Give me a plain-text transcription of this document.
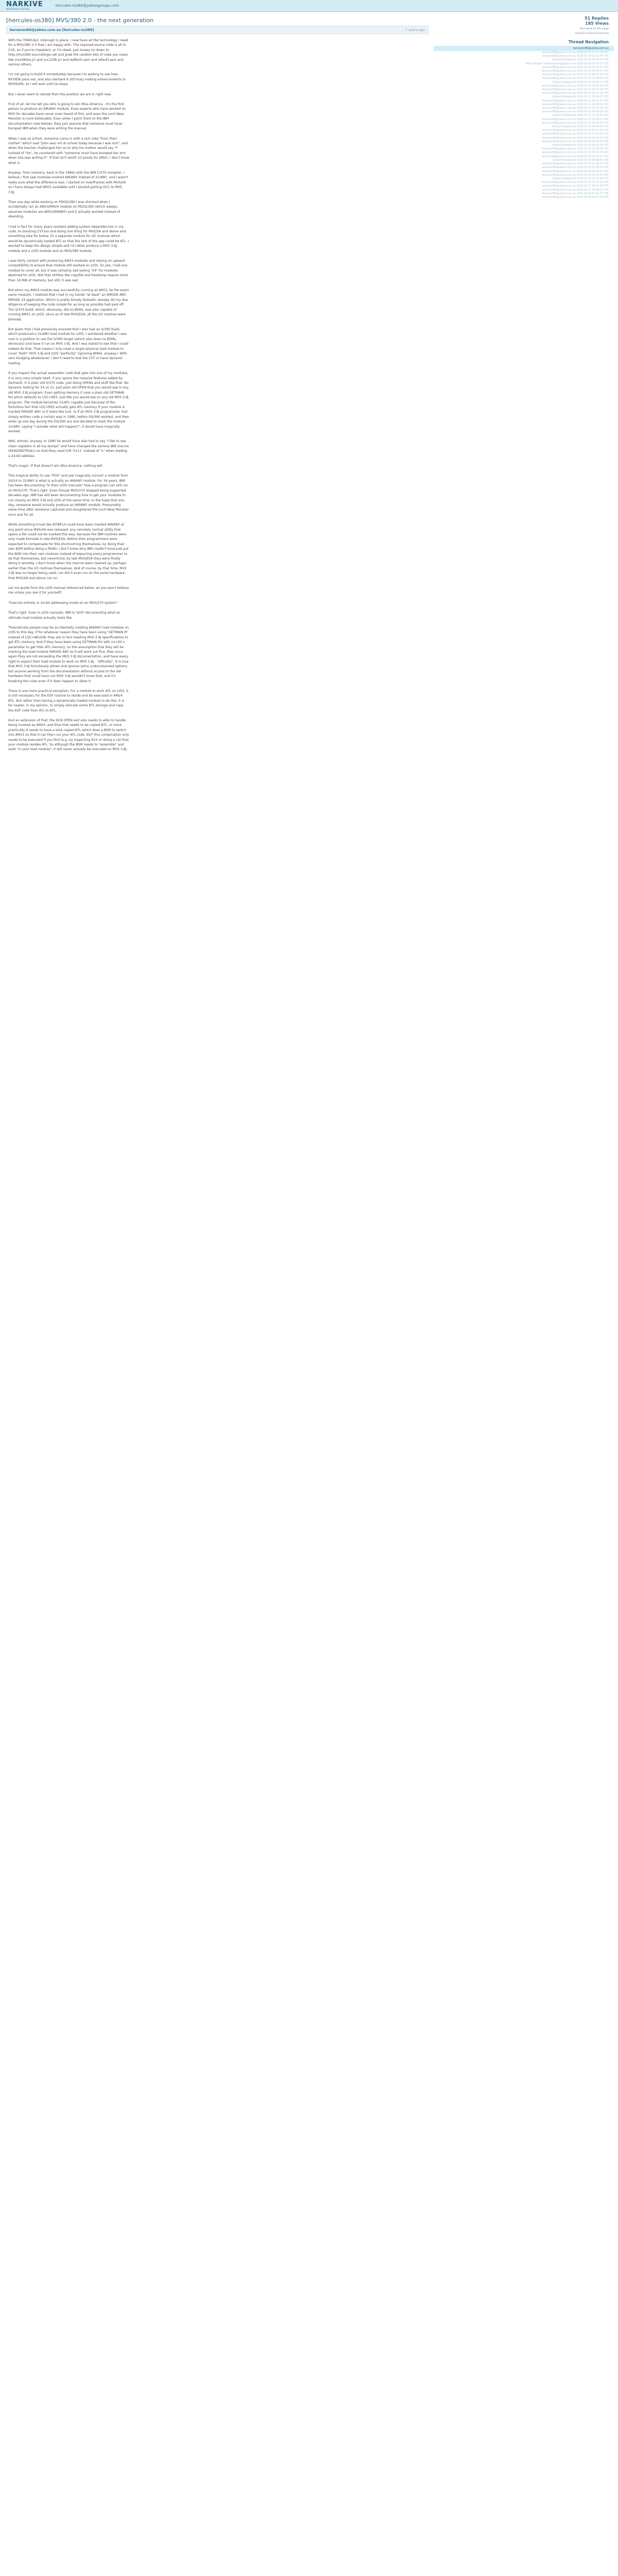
NARKIVE
NEWSGROUP ARCHIVE
hercules-os380@yahoogroups.com
[hercules-os380] MVS/380 2.0 - the next generation
kerravon86@yahoo.com.au [hercules-os380]	7 years ago

With the TIRKICALC intercept in place, I now have all the technology I need for a MVS/380 2.0 that I am happy with. The required source code is all in CVS, so if you're impatient, or I'm dead, just mosey on down to http://mvs380.sourceforge.net and grab the random bits of code you need, like mvs380os.jcl and svc120b.jcl and ieafkmh.asm and iefachl.asm and various others.

I'm not going to build it immediately because I'm waiting to see how REVIEW pans out, and also Gerhard is still busy making enhancements to MVSSUPA, so I will wait until he stops.

But I never want to retreat from the position we are in right now.

First of all, let me tell you who is going to win Miss America - it's the first person to produce an AM/ANY module. Even experts who have worked on MVS for decades have never even heard of this, and even the Loch Ness Monster is more believable. Even when I point them to the IBM documentation (see below), they just assume that someone must have bumped IBM when they were writing the manual.

When I was at school, someone came in with a sick note "from their mother" which said "John was not at school today because I was sick", and when the teacher challenged him as to why his mother would say "I" instead of "he", he countered with "someone must have bumped her arm when she was writing it". If that isn't worth 10 points for effort, I don't know what is.

Anyway, from memory, back in the 1980s with the IBM C/370 compiler, I believe I first saw modules marked AM/ANY instead of 31/ANY, and I wasn't really sure what the difference was. I started on mainframes with MVS/XA so I have always had AM31 available until I started porting GCC to MVS 3.8j.

Then one day while working on PDOS/390 I was shocked when I accidentally ran an AM24/RM24 module on PDOS/390 (which always assumes modules are AM31/RMANY) and it actually worked instead of abending.

I had in fact for many years resisted adding system dependencies in my code, ie checking CVTxxx and doing one thing for MVS/XA and above and something else for below. Or a separate module for I/O routines which would be dynamically loaded BTL so that the rest of the app could be ATL. I wanted to keep the design simple and I'd rather produce a MVS 3.8j module and a z/OS module and an MVS/380 module.

I was fairly content with producing AM24 modules and relying on upward compatibility to ensure that module still worked on z/OS. So yes, I had one module to cover all, but it was certainly sad seeing "24" for modules destined for z/OS. Not that utilities like copyfile and hexdump require more than 16 MiB of memory, but still, it was sad.

But when my AM24 module was successfully running as AM31 (ie the exact same module), I realized that I had in my hands "at least" an AMODE ANY, RMODE 24 application. Which is pretty bloody fantastic already. All my due diligence of keeping the code simple for as long as possible had paid off. The S/370 build, which, obviously, did no BSMs, was also capable of running AM31 on z/OS, since as of late MVS/ESA, all the I/O routines were bimodal.

But given that I had previously ensured that I also had an S/390 build, which produced a 31/ANY load module for z/OS, I wondered whether I was now in a position to use the S/390 target (which also does no BSMs, obviously) and have it run on MVS 3.8j. And I was elated to see that I could indeed do that. That means I only need a single physical load module to cover "both" MVS 3.8j and z/OS "perfectly" (ignoring AM64, anyway). With zero kludging whatsoever. I don't need to test the CVT or have dynamic loading.

If you inspect the actual assembler code that gets into one of my modules, it is very very simple (well, if you ignore the massive features added by Gerhard). It is plain old S/370 code. Just doing OPENs and stuff like that. No dynamic testing for 24 vs 31. Just plain old OPEN that you would see in any old MVS 3.8j program. Even getting memory it uses a plain old GETMAIN RU which defaults to LOC=RES. Just like you would see on any old MVS 3.8j program. The module becomes 31/ATL capable just because of the fortuitous fact that LOC=RES actually gets ATL memory if your module is marked RMODE ANY. ie it looks like luck. ie if an MVS 3.8j programmer had simply written code a certain way in 1980, before OS/390 existed, and then woke up one day during the OS/390 era and decided to mark the module 31/ANY, saying "I wonder what will happen?", it would have magically worked.

Well, almost, anyway. In 1980 he would have also had to say "I like to see clean registers in all my dumps" and have changed the various IBM macros (READ/NOTE/etc) so that they used ICM '0111' instead of "L" when loading a 24-bit address.

That's magic. If that doesn't win Miss America, nothing will.

This magical ability to use "POS" and just magically convert a module from 24/24 to 31/ANY is what is actually an AM/ANY module. For 34 years, IBM has been documenting "in their z/OS manuals" how a program can still run on MVS/370. That's right. Even though MVS/370 stopped being supported decades ago, IBM has still been documenting how to get your modules to run cleanly on MVS 3.8j and z/OS at the same time. In the hope that one day, someone would actually produce an AM/ANY module. Presumably some time after someone captured and slaughtered the Loch Ness Monster once and for all.

While something trivial like IEFBR14 could have been marked AM/ANY at any point since MVS/XA was released, any remotely normal utility that opens a file could not be marked this way, because the IBM routines were only made bimodal in late MVS/ESA. Before then programmers were expected to compensate for this shortcoming themselves, by doing their own BSM before doing a READ. I don't know why IBM couldn't have just put the BSM into their own routines instead of expecting every programmer to do that themselves, but nevermind, by late MVS/ESA they were finally doing it sensibly. I don't know when the macros were cleaned up, perhaps earlier than the I/O routines themselves. And of course, by that time, MVS 3.8j was no longer being used, nor did it even run on the same hardware that MVS/XA and above ran on.

Let me quote from the z/OS manual referenced below, as you won't believe me unless you see it for yourself!

"Execute entirely in 24-bit addressing mode on an MVS/370 system"

That's right. Even in z/OS manuals, IBM is *still* documenting what an ultimate load module actually looks like.

Theoretically people may be accidentally creating AM/ANY load modules on z/OS to this day, if for whatever reason they have been using "GETMAIN R" instead of LOC=BELOW; they are in fact meeting MVS 3.8j specifications to get BTL memory. And if they have been using GETMAIN RU with no LOC= parameter to get their ATL memory, on the assumption that they will be marking the load module RMODE ANY so it will work out fine, then once again they are not exceeding the MVS 3.8j documentation, and have every right to expect their load module to work on MVS 3.8j - "officially". It is true that MVS 3.8j fortuitously allows and ignores extra undocumented options, but anyone working from the documentation without access to the old hardware that could have run MVS 3.8j wouldn't know that, and it's breaking the rules even if it does happen to allow it.

There is one more practical exception. For a module to work ATL on z/OS, it is still necessary for the EOF routine to reside and be executed in AM24 BTL. But rather than having a dynamically loaded module to do this, it is far neater, in my opinion, to simply allocate some BTL storage and copy the EOF code from ATL to BTL.

And an extension of that, the DCB OPEN exit also needs to able to handle being invoked as AM24, and thus that needs to be copied BTL, or more practically it needs to have a stub copied BTL which does a BSM to switch into AM31 so that it can then run your ATL code. BUT this complication only needs to be executed if you find (e.g. by inspecting R15 or doing a LA) that your module resides ATL. So although the BSM needs to "assemble" and exist "in your load module", it will never actually be executed on MVS 3.8j.

51 Replies
185 Views
Permalink to this page
Disable enhanced parsing
Thread Navigation
kerravon86@yahoo.com.au
kerravon86@yahoo.com.au 2016-03-10 01:47:28 UTC
kerravon86@yahoo.com.au 2016-03-10 02:21:43 UTC
Gerhard Postpischil 2016-03-10 04:33:02 UTC
'Mike Rayborn' mikerayborn@yahoo.com 2016-03-10 05:41:17 UTC
kerravon86@yahoo.com.au 2016-03-10 07:12:55 UTC
kerravon86@yahoo.com.au 2016-03-10 08:04:31 UTC
kerravon86@yahoo.com.au 2016-03-10 09:22:10 UTC
kerravon86@yahoo.com.au 2016-03-10 11:48:36 UTC
Gerhard Postpischil 2016-03-10 14:03:27 UTC
kerravon86@yahoo.com.au 2016-03-10 20:31:09 UTC
kerravon86@yahoo.com.au 2016-03-11 00:15:44 UTC
kerravon86@yahoo.com.au 2016-03-11 03:27:58 UTC
Gerhard Postpischil 2016-03-11 05:50:12 UTC
kerravon86@yahoo.com.au 2016-03-11 09:11:47 UTC
kerravon86@yahoo.com.au 2016-03-11 12:40:03 UTC
kerravon86@yahoo.com.au 2016-03-12 01:22:39 UTC
kerravon86@yahoo.com.au 2016-03-12 04:56:18 UTC
Gerhard Postpischil 2016-03-12 07:13:45 UTC
kerravon86@yahoo.com.au 2016-03-12 10:38:21 UTC
kerravon86@yahoo.com.au 2016-03-13 02:09:54 UTC
Gerhard Postpischil 2016-03-13 05:44:30 UTC
kerravon86@yahoo.com.au 2016-03-13 08:17:06 UTC
kerravon86@yahoo.com.au 2016-03-13 12:52:41 UTC
kerravon86@yahoo.com.au 2016-03-14 03:30:15 UTC
kerravon86@yahoo.com.au 2016-03-14 06:01:49 UTC
Gerhard Postpischil 2016-03-14 09:45:26 UTC
kerravon86@yahoo.com.au 2016-03-14 13:19:58 UTC
kerravon86@yahoo.com.au 2016-03-15 02:47:33 UTC
kerravon86@yahoo.com.au 2016-03-15 05:24:07 UTC
Gerhard Postpischil 2016-03-15 08:58:40 UTC
kerravon86@yahoo.com.au 2016-03-15 11:36:14 UTC
kerravon86@yahoo.com.au 2016-03-16 01:05:52 UTC
kerravon86@yahoo.com.au 2016-03-16 04:42:27 UTC
kerravon86@yahoo.com.au 2016-03-16 07:19:01 UTC
Gerhard Postpischil 2016-03-16 10:53:38 UTC
kerravon86@yahoo.com.au 2016-03-17 02:31:12 UTC
kerravon86@yahoo.com.au 2016-03-17 06:07:49 UTC
kerravon86@yahoo.com.au 2016-03-17 09:44:23 UTC
kerravon86@yahoo.com.au 2016-03-18 01:20:57 UTC
kerravon86@yahoo.com.au 2016-03-18 04:57:34 UTC
